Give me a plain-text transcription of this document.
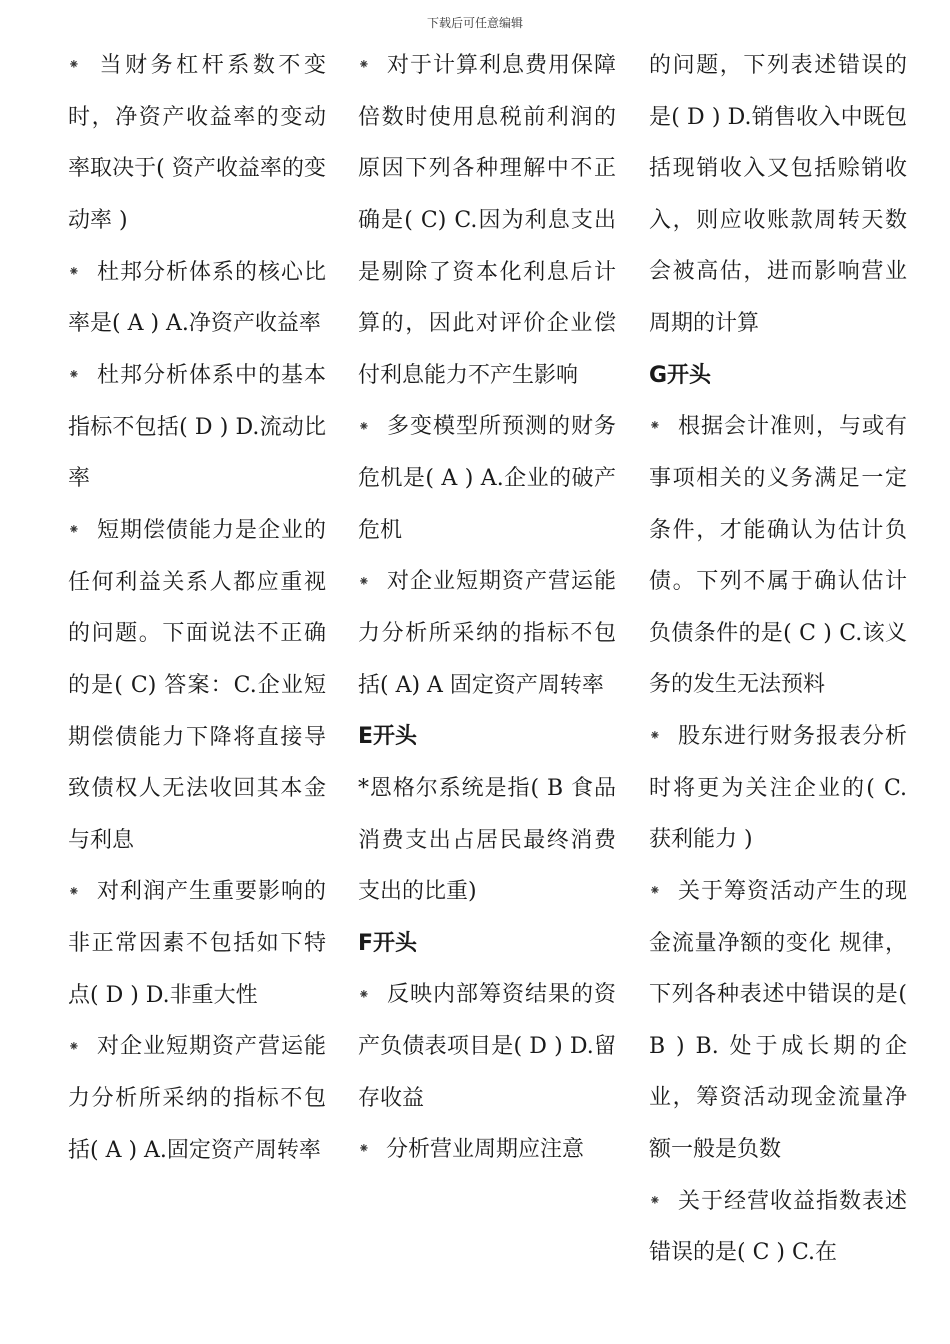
下载后可任意编辑

⁕ 当财务杠杆系数不变时，净资产收益率的变动率取决于( 资产收益率的变动率 )

⁕ 杜邦分析体系的核心比率是( A ) A.净资产收益率

⁕ 杜邦分析体系中的基本指标不包括( D ) D.流动比率

⁕ 短期偿债能力是企业的任何利益关系人都应重视的问题。下面说法不正确的是( C) 答案：C.企业短期偿债能力下降将直接导致债权人无法收回其本金与利息

⁕ 对利润产生重要影响的非正常因素不包括如下特点( D ) D.非重大性

⁕ 对企业短期资产营运能力分析所采纳的指标不包括( A ) A.固定资产周转率

⁕ 对于计算利息费用保障倍数时使用息税前利润的原因下列各种理解中不正确是( C) C.因为利息支出是剔除了资本化利息后计算的，因此对评价企业偿付利息能力不产生影响

⁕ 多变模型所预测的财务危机是( A ) A.企业的破产危机

⁕ 对企业短期资产营运能力分析所采纳的指标不包括( A) A 固定资产周转率

E开头

*恩格尔系统是指( B 食品消费支出占居民最终消费支出的比重)

F开头

⁕ 反映内部筹资结果的资产负债表项目是( D ) D.留存收益

⁕ 分析营业周期应注意

的问题，下列表述错误的是( D ) D.销售收入中既包括现销收入又包括赊销收入，则应收账款周转天数会被高估，进而影响营业周期的计算

G开头

⁕ 根据会计准则，与或有事项相关的义务满足一定条件，才能确认为估计负债。下列不属于确认估计负债条件的是( C ) C.该义务的发生无法预料

⁕ 股东进行财务报表分析时将更为关注企业的( C. 获利能力 )

⁕ 关于筹资活动产生的现金流量净额的变化 规律，下列各种表述中错误的是( B ) B. 处于成长期的企业，筹资活动现金流量净额一般是负数

⁕ 关于经营收益指数表述错误的是( C ) C.在
